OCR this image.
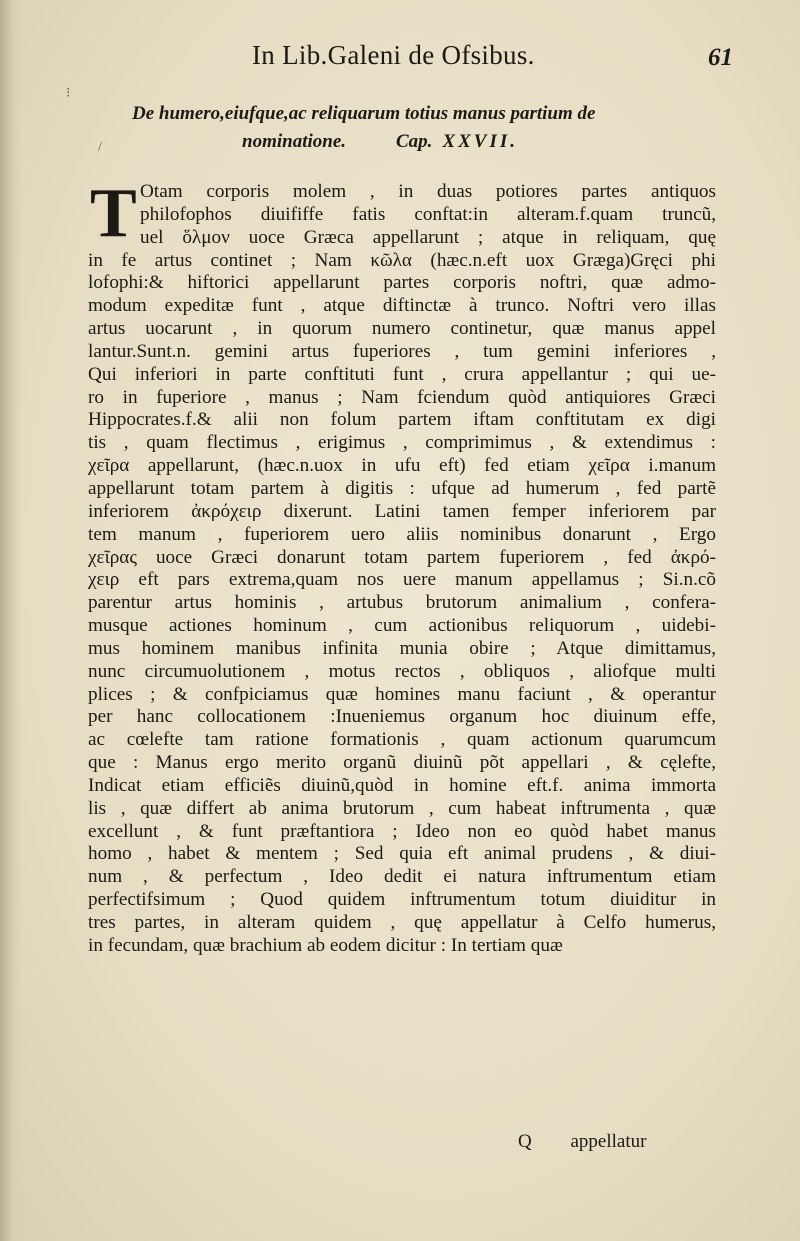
In Lib.Galeni de Ofsibus.	61
De humero,eiufque,ac reliquarum totius manus partium de
nominatione.	Cap. XXVII.
T Otam corporis molem , in duas potiores partes antiquos
philofophos diuififfe fatis conftat:in alteram.f.quam truncũ,
uel ὅλμον uoce Græca appellarunt ; atque in reliquam, quę
in fe artus continet ; Nam κῶλα (hæc.n.eft uox Græga)Gręci phi
lofophi:& hiftorici appellarunt partes corporis noftri, quæ admo-
modum expeditæ funt , atque diftinctæ à trunco. Noftri vero illas
artus uocarunt , in quorum numero continetur, quæ manus appel
lantur.Sunt.n. gemini artus fuperiores , tum gemini inferiores ,
Qui inferiori in parte conftituti funt , crura appellantur ; qui ue-
ro in fuperiore , manus ; Nam fciendum quòd antiquiores Græci
Hippocrates.f.& alii non folum partem iftam conftitutam ex digi
tis , quam flectimus , erigimus , comprimimus , & extendimus :
χεῖρα appellarunt, (hæc.n.uox in ufu eft) fed etiam χεῖρα i.manum
appellarunt totam partem à digitis : ufque ad humerum , fed partẽ
inferiorem ἀκρόχειρ dixerunt. Latini tamen femper inferiorem par
tem manum , fuperiorem uero aliis nominibus donarunt , Ergo
χεῖρας uoce Græci donarunt totam partem fuperiorem , fed ἀκρό-
χειρ eft pars extrema,quam nos uere manum appellamus ; Si.n.cõ
parentur artus hominis , artubus brutorum animalium , confera-
musque actiones hominum , cum actionibus reliquorum , uidebi-
mus hominem manibus infinita munia obire ; Atque dimittamus,
nunc circumuolutionem , motus rectos , obliquos , aliofque multi
plices ; & confpiciamus quæ homines manu faciunt , & operantur
per hanc collocationem :Inueniemus organum hoc diuinum effe,
ac cœlefte tam ratione formationis , quam actionum quarumcum
que : Manus ergo merito organũ diuinũ põt appellari , & cęlefte,
Indicat etiam efficiẽs diuinũ,quòd in homine eft.f. anima immorta
lis , quæ differt ab anima brutorum , cum habeat inftrumenta , quæ
excellunt , & funt præftantiora ; Ideo non eo quòd habet manus
homo , habet & mentem ; Sed quia eft animal prudens , & diui-
num , & perfectum , Ideo dedit ei natura inftrumentum etiam
perfectifsimum ; Quod quidem inftrumentum totum diuiditur in
tres partes, in alteram quidem , quę appellatur à Celfo humerus,
in fecundam, quæ brachium ab eodem dicitur : In tertiam quæ
Q appellatur
⁝
/
